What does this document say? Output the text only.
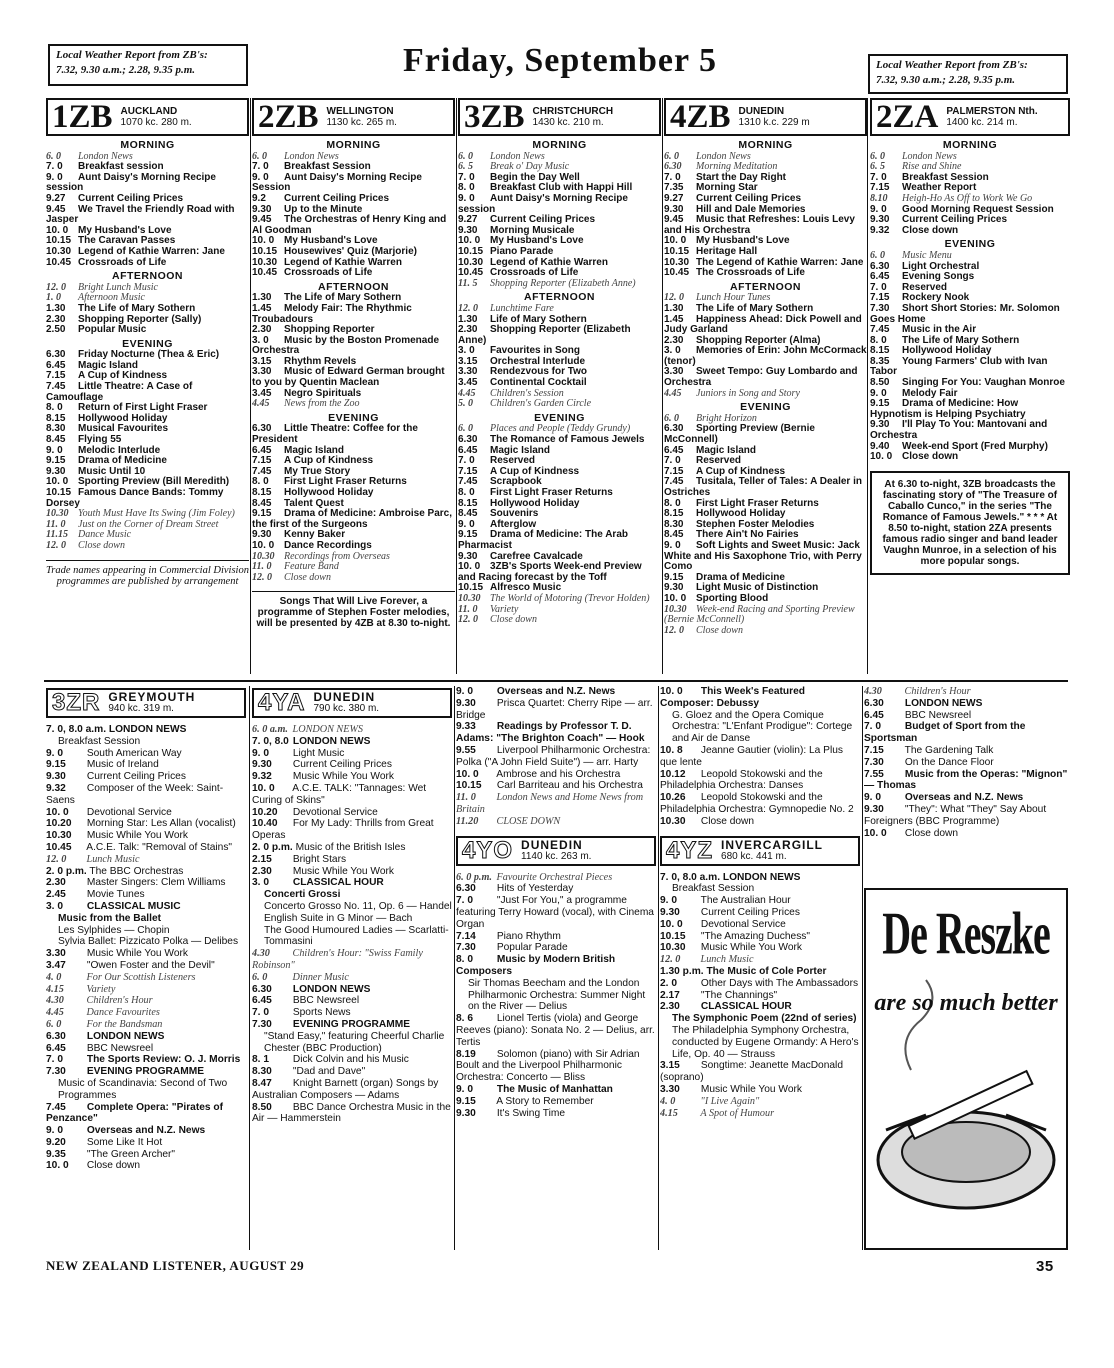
Local Weather Report from ZB's:
7.32, 9.30 a.m.; 2.28, 9.35 p.m.	Friday, September 5	Local Weather Report from ZB's:
7.32, 9.30 a.m.; 2.28, 9.35 p.m.
1ZB AUCKLAND
1070 kc. 280 m.
MORNING
6. 0 London News
7. 0 Breakfast session
9. 0 Aunt Daisy's Morning Recipe session
9.27 Current Ceiling Prices
9.45 We Travel the Friendly Road with Jasper
10. 0 My Husband's Love
10.15 The Caravan Passes
10.30 Legend of Kathie Warren: Jane
10.45 Crossroads of Life
AFTERNOON
12. 0 Bright Lunch Music
1. 0 Afternoon Music
1.30 The Life of Mary Sothern
2.30 Shopping Reporter (Sally)
2.50 Popular Music
EVENING
6.30 Friday Nocturne (Thea & Eric)
6.45 Magic Island
7.15 A Cup of Kindness
7.45 Little Theatre: A Case of Camouflage
8. 0 Return of First Light Fraser
8.15 Hollywood Holiday
8.30 Musical Favourites
8.45 Flying 55
9. 0 Melodic Interlude
9.15 Drama of Medicine
9.30 Music Until 10
10. 0 Sporting Preview (Bill Meredith)
10.15 Famous Dance Bands: Tommy Dorsey
10.30 Youth Must Have Its Swing (Jim Foley)
11. 0 Just on the Corner of Dream Street
11.15 Dance Music
12. 0 Close down
Trade names appearing in Commercial Division programmes are published by arrangement
2ZB WELLINGTON
1130 kc. 265 m.
MORNING
6. 0 London News
7. 0 Breakfast Session
9. 0 Aunt Daisy's Morning Recipe Session
9.2 Current Ceiling Prices
9.30 Up to the Minute
9.45 The Orchestras of Henry King and Al Goodman
10. 0 My Husband's Love
10.15 Housewives' Quiz (Marjorie)
10.30 Legend of Kathie Warren
10.45 Crossroads of Life
AFTERNOON
1.30 The Life of Mary Sothern
1.45 Melody Fair: The Rhythmic Troubadours
2.30 Shopping Reporter
3. 0 Music by the Boston Promenade Orchestra
3.15 Rhythm Revels
3.30 Music of Edward German brought to you by Quentin Maclean
3.45 Negro Spirituals
4.45 News from the Zoo
EVENING
6.30 Little Theatre: Coffee for the President
6.45 Magic Island
7.15 A Cup of Kindness
7.45 My True Story
8. 0 First Light Fraser Returns
8.15 Hollywood Holiday
8.45 Talent Quest
9.15 Drama of Medicine: Ambroise Parc, the first of the Surgeons
9.30 Kenny Baker
10. 0 Dance Recordings
10.30 Recordings from Overseas
11. 0 Feature Band
12. 0 Close down
Songs That Will Live Forever, a programme of Stephen Foster melodies, will be presented by 4ZB at 8.30 to-night.
3ZB CHRISTCHURCH
1430 kc. 210 m.
MORNING
6. 0 London News
6. 5 Break o' Day Music
7. 0 Begin the Day Well
8. 0 Breakfast Club with Happi Hill
9. 0 Aunt Daisy's Morning Recipe session
9.27 Current Ceiling Prices
9.30 Morning Musicale
10. 0 My Husband's Love
10.15 Piano Parade
10.30 Legend of Kathie Warren
10.45 Crossroads of Life
11. 5 Shopping Reporter (Elizabeth Anne)
AFTERNOON
12. 0 Lunchtime Fare
1.30 Life of Mary Sothern
2.30 Shopping Reporter (Elizabeth Anne)
3. 0 Favourites in Song
3.15 Orchestral Interlude
3.30 Rendezvous for Two
3.45 Continental Cocktail
4.45 Children's Session
5. 0 Children's Garden Circle
EVENING
6. 0 Places and People (Teddy Grundy)
6.30 The Romance of Famous Jewels
6.45 Magic Island
7. 0 Reserved
7.15 A Cup of Kindness
7.45 Scrapbook
8. 0 First Light Fraser Returns
8.15 Hollywood Holiday
8.45 Souvenirs
9. 0 Afterglow
9.15 Drama of Medicine: The Arab Pharmacist
9.30 Carefree Cavalcade
10. 0 3ZB's Sports Week-end Preview and Racing forecast by the Toff
10.15 Alfresco Music
10.30 The World of Motoring (Trevor Holden)
11. 0 Variety
12. 0 Close down
4ZB DUNEDIN
1310 k.c. 229 m
MORNING
6. 0 London News
6.30 Morning Meditation
7. 0 Start the Day Right
7.35 Morning Star
9.27 Current Ceiling Prices
9.30 Hill and Dale Memories
9.45 Music that Refreshes: Louis Levy and His Orchestra
10. 0 My Husband's Love
10.15 Heritage Hall
10.30 The Legend of Kathie Warren: Jane
10.45 The Crossroads of Life
AFTERNOON
12. 0 Lunch Hour Tunes
1.30 The Life of Mary Sothern
1.45 Happiness Ahead: Dick Powell and Judy Garland
2.30 Shopping Reporter (Alma)
3. 0 Memories of Erin: John McCormack (tenor)
3.30 Sweet Tempo: Guy Lombardo and Orchestra
4.45 Juniors in Song and Story
EVENING
6. 0 Bright Horizon
6.30 Sporting Preview (Bernie McConnell)
6.45 Magic Island
7. 0 Reserved
7.15 A Cup of Kindness
7.45 Tusitala, Teller of Tales: A Dealer in Ostriches
8. 0 First Light Fraser Returns
8.15 Hollywood Holiday
8.30 Stephen Foster Melodies
8.45 There Ain't No Fairies
9. 0 Soft Lights and Sweet Music: Jack White and His Saxophone Trio, with Perry Como
9.15 Drama of Medicine
9.30 Light Music of Distinction
10. 0 Sporting Blood
10.30 Week-end Racing and Sporting Preview (Bernie McConnell)
12. 0 Close down
2ZA PALMERSTON Nth.
1400 kc. 214 m.
MORNING
6. 0 London News
6. 5 Rise and Shine
7. 0 Breakfast Session
7.15 Weather Report
8.10 Heigh-Ho As Off to Work We Go
9. 0 Good Morning Request Session
9.30 Current Ceiling Prices
9.32 Close down
EVENING
6. 0 Music Menu
6.30 Light Orchestral
6.45 Evening Songs
7. 0 Reserved
7.15 Rockery Nook
7.30 Short Short Stories: Mr. Solomon Goes Home
7.45 Music in the Air
8. 0 The Life of Mary Sothern
8.15 Hollywood Holiday
8.35 Young Farmers' Club with Ivan Tabor
8.50 Singing For You: Vaughan Monroe
9. 0 Melody Fair
9.15 Drama of Medicine: How Hypnotism is Helping Psychiatry
9.30 I'll Play To You: Mantovani and Orchestra
9.40 Week-end Sport (Fred Murphy)
10. 0 Close down
At 6.30 to-night, 3ZB broadcasts the fascinating story of "The Treasure of Caballo Cunco," in the series "The Romance of Famous Jewels." * * * At 8.50 to-night, station 2ZA presents famous radio singer and band leader Vaughn Munroe, in a selection of his more popular songs.
3ZR GREYMOUTH
940 kc. 319 m.
7. 0, 8.0 a.m. LONDON NEWS
Breakfast Session
9. 0 South American Way
9.15 Music of Ireland
9.30 Current Ceiling Prices
9.32 Composer of the Week: Saint-Saens
10. 0 Devotional Service
10.20 Morning Star: Les Allan (vocalist)
10.30 Music While You Work
10.45 A.C.E. Talk: "Removal of Stains"
12. 0 Lunch Music
2. 0 p.m. The BBC Orchestras
2.30 Master Singers: Clem Williams
2.45 Movie Tunes
3. 0 CLASSICAL MUSIC
Music from the Ballet
Les Sylphides — Chopin
Sylvia Ballet: Pizzicato Polka — Delibes
3.30 Music While You Work
3.47 "Owen Foster and the Devil"
4. 0 For Our Scottish Listeners
4.15 Variety
4.30 Children's Hour
4.45 Dance Favourites
6. 0 For the Bandsman
6.30 LONDON NEWS
6.45 BBC Newsreel
7. 0 The Sports Review: O. J. Morris
7.30 EVENING PROGRAMME
Music of Scandinavia: Second of Two Programmes
7.45 Complete Opera: "Pirates of Penzance"
9. 0 Overseas and N.Z. News
9.20 Some Like It Hot
9.35 "The Green Archer"
10. 0 Close down
4YA DUNEDIN
790 kc. 380 m.
6. 0 a.m. LONDON NEWS
7. 0, 8.0 LONDON NEWS
9. 0 Light Music
9.30 Current Ceiling Prices
9.32 Music While You Work
10. 0 A.C.E. TALK: "Tannages: Wet Curing of Skins"
10.20 Devotional Service
10.40 For My Lady: Thrills from Great Operas
2. 0 p.m. Music of the British Isles
2.15 Bright Stars
2.30 Music While You Work
3. 0 CLASSICAL HOUR
Concerti Grossi
Concerto Grosso No. 11, Op. 6 — Handel
English Suite in G Minor — Bach
The Good Humoured Ladies — Scarlatti-Tommasini
4.30 Children's Hour: "Swiss Family Robinson"
6. 0 Dinner Music
6.30 LONDON NEWS
6.45 BBC Newsreel
7. 0 Sports News
7.30 EVENING PROGRAMME
"Stand Easy," featuring Cheerful Charlie Chester (BBC Production)
8. 1 Dick Colvin and his Music
8.30 "Dad and Dave"
8.47 Knight Barnett (organ) Songs by Australian Composers — Adams
8.50 BBC Dance Orchestra Music in the Air — Hammerstein
9. 0 Overseas and N.Z. News
9.30 Prisca Quartet: Cherry Ripe — arr. Bridge
9.33 Readings by Professor T. D. Adams: "The Brighton Coach" — Hook
9.55 Liverpool Philharmonic Orchestra: Polka ("A John Field Suite") — arr. Harty
10. 0 Ambrose and his Orchestra
10.15 Carl Barriteau and his Orchestra
11. 0 London News and Home News from Britain
11.20 CLOSE DOWN
4YO DUNEDIN
1140 kc. 263 m.
6. 0 p.m. Favourite Orchestral Pieces
6.30 Hits of Yesterday
7. 0 "Just For You," a programme featuring Terry Howard (vocal), with Cinema Organ
7.14 Piano Rhythm
7.30 Popular Parade
8. 0 Music by Modern British Composers
Sir Thomas Beecham and the London Philharmonic Orchestra: Summer Night on the River — Delius
8. 6 Lionel Tertis (viola) and George Reeves (piano): Sonata No. 2 — Delius, arr. Tertis
8.19 Solomon (piano) with Sir Adrian Boult and the Liverpool Philharmonic Orchestra: Concerto — Bliss
9. 0 The Music of Manhattan
9.15 A Story to Remember
9.30 It's Swing Time
10. 0 This Week's Featured Composer: Debussy
G. Gloez and the Opera Comique Orchestra: "L'Enfant Prodigue": Cortege and Air de Danse
10. 8 Jeanne Gautier (violin): La Plus que lente
10.12 Leopold Stokowski and the Philadelphia Orchestra: Danses
10.26 Leopold Stokowski and the Philadelphia Orchestra: Gymnopedie No. 2
10.30 Close down
4YZ INVERCARGILL
680 kc. 441 m.
7. 0, 8.0 a.m. LONDON NEWS
Breakfast Session
9. 0 The Australian Hour
9.30 Current Ceiling Prices
10. 0 Devotional Service
10.15 "The Amazing Duchess"
10.30 Music While You Work
12. 0 Lunch Music
1.30 p.m. The Music of Cole Porter
2. 0 Other Days with The Ambassadors
2.17 "The Channings"
2.30 CLASSICAL HOUR
The Symphonic Poem (22nd of series)
The Philadelphia Symphony Orchestra, conducted by Eugene Ormandy: A Hero's Life, Op. 40 — Strauss
3.15 Songtime: Jeanette MacDonald (soprano)
3.30 Music While You Work
4. 0 "I Live Again"
4.15 A Spot of Humour
4.30 Children's Hour
6.30 LONDON NEWS
6.45 BBC Newsreel
7. 0 Budget of Sport from the Sportsman
7.15 The Gardening Talk
7.30 On the Dance Floor
7.55 Music from the Operas: "Mignon" — Thomas
9. 0 Overseas and N.Z. News
9.30 "They": What "They" Say About Foreigners (BBC Programme)
10. 0 Close down
De Reszke
are so much better
NEW ZEALAND LISTENER, AUGUST 29	35
